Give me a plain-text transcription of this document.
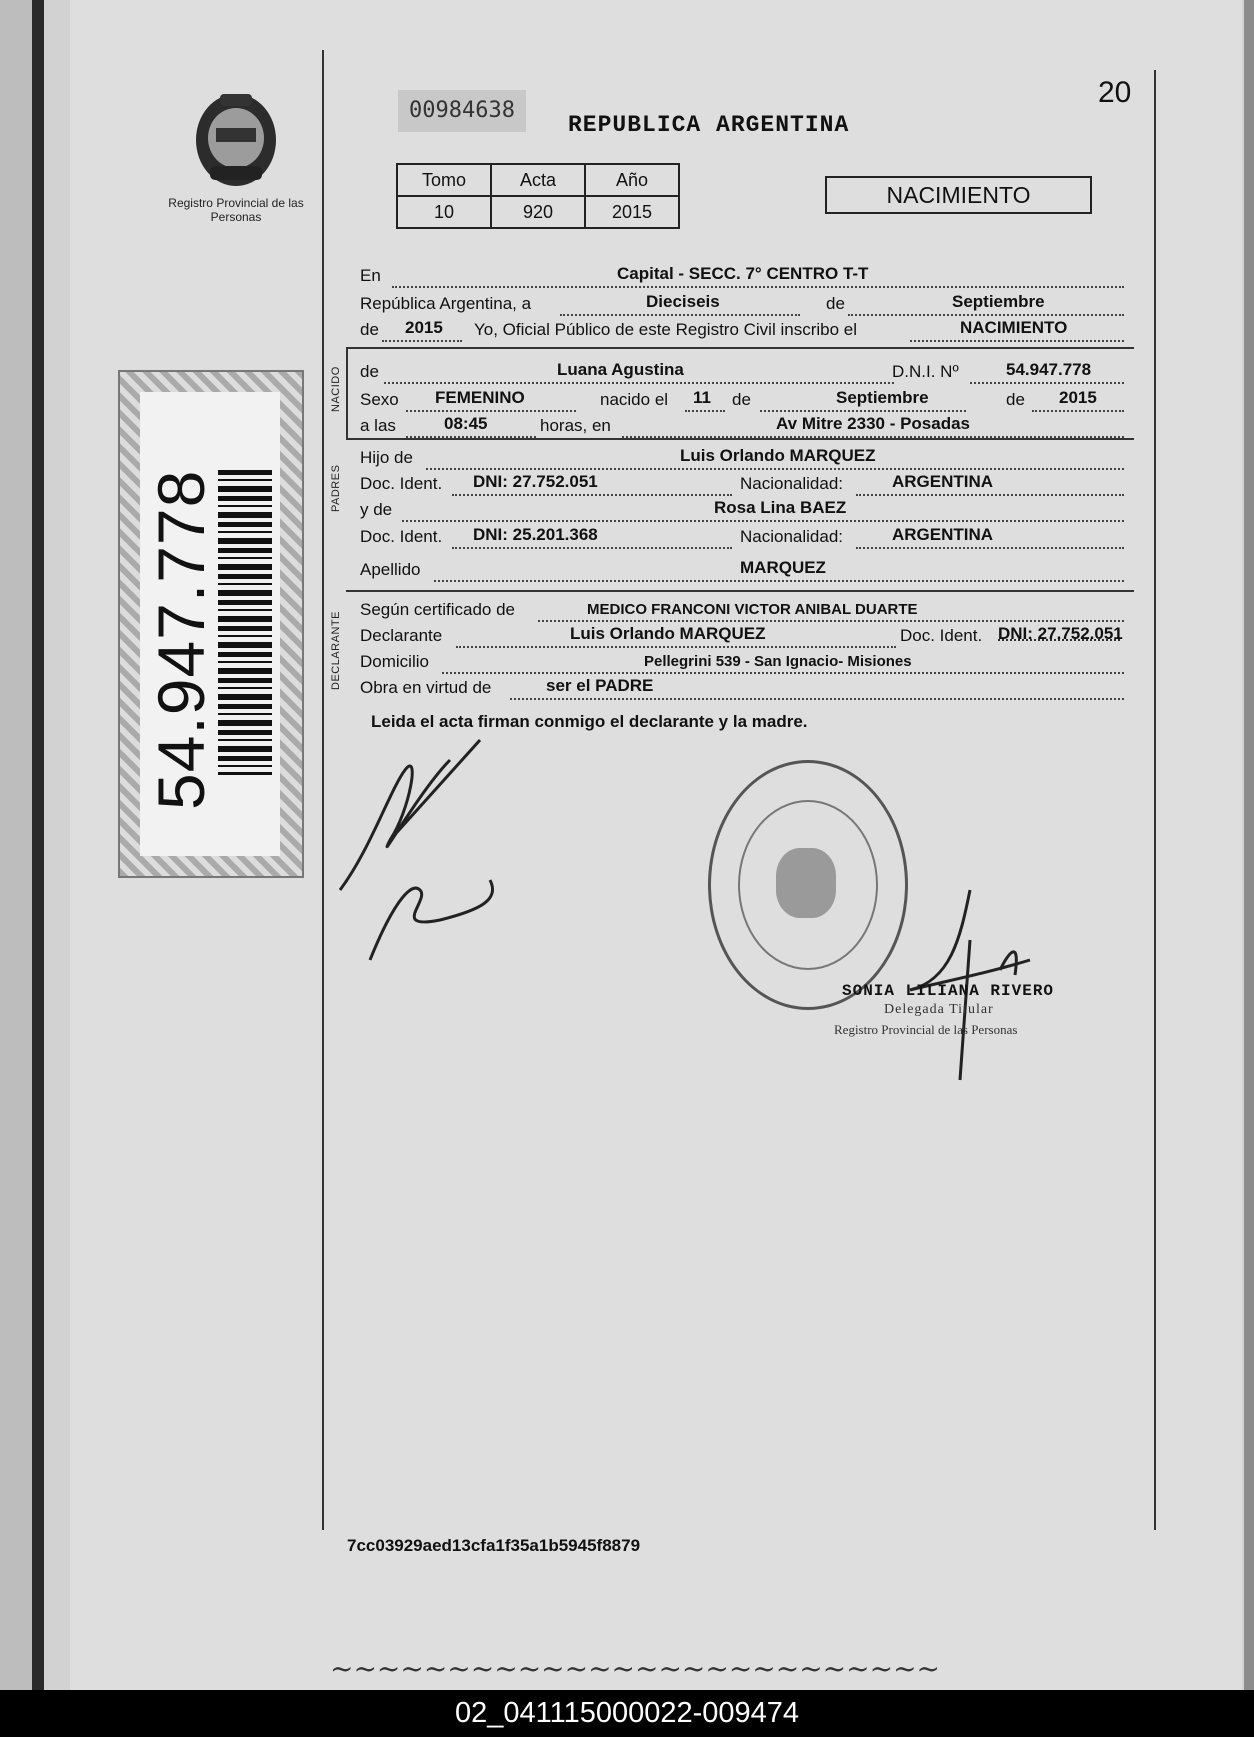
Registro Provincial de las Personas
00984638
REPUBLICA ARGENTINA
20
Tomo	Acta	Año
10	920	2015
NACIMIENTO
NACIDO
PADRES
DECLARANTE
En	Capital - SECC. 7° CENTRO T-T
República Argentina, a	Dieciseis	de	Septiembre
de 2015 Yo, Oficial Público de este Registro Civil inscribo el	NACIMIENTO
de	Luana Agustina	D.N.I. Nº	54.947.778
Sexo FEMENINO	nacido el 11 de	Septiembre	de 2015
a las	08:45	horas, en	Av Mitre 2330 - Posadas
Hijo de	Luis Orlando MARQUEZ
Doc. Ident. DNI: 27.752.051	Nacionalidad:	ARGENTINA
y de	Rosa Lina BAEZ
Doc. Ident. DNI: 25.201.368	Nacionalidad:	ARGENTINA
Apellido	MARQUEZ
Según certificado de	MEDICO FRANCONI VICTOR ANIBAL DUARTE
Declarante	Luis Orlando MARQUEZ	Doc. Ident. DNI: 27.752.051
Domicilio	Pellegrini 539 - San Ignacio- Misiones
Obra en virtud de	ser el PADRE
Leida el acta firman conmigo el declarante y la madre.
54.947.778
SONIA LILIANA RIVERO
Delegada Titular
Registro Provincial de las Personas
7cc03929aed13cfa1f35a1b5945f8879
~~~~~~~~~~~~~~~~~~~~~~~~~~
02_041115000022-009474
